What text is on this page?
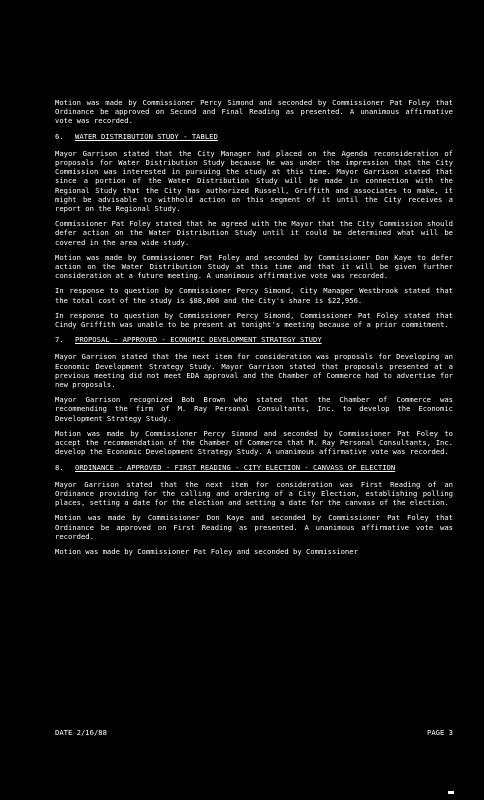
Motion was made by Commissioner Percy Simond and seconded by Commissioner Pat Foley that Ordinance be approved on Second and Final Reading as presented. A unanimous affirmative vote was recorded.

6. WATER DISTRIBUTION STUDY - TABLED

Mayor Garrison stated that the City Manager had placed on the Agenda reconsideration of proposals for Water Distribution Study because he was under the impression that the City Commission was interested in pursuing the study at this time. Mayor Garrison stated that since a portion of the Water Distribution Study will be made in connection with the Regional Study that the City has authorized Russell, Griffith and associates to make, it might be advisable to withhold action on this segment of it until the City receives a report on the Regional Study.

Commissioner Pat Foley stated that he agreed with the Mayor that the City Commission should defer action on the Water Distribution Study until it could be determined what will be covered in the area wide study.

Motion was made by Commissioner Pat Foley and seconded by Commissioner Don Kaye to defer action on the Water Distribution Study at this time and that it will be given further consideration at a future meeting. A unanimous affirmative vote was recorded.

In response to question by Commissioner Percy Simond, City Manager Westbrook stated that the total cost of the study is $88,000 and the City's share is $22,956.

In response to question by Commissioner Percy Simond, Commissioner Pat Foley stated that Cindy Griffith was unable to be present at tonight's meeting because of a prior commitment.

7. PROPOSAL - APPROVED - ECONOMIC DEVELOPMENT STRATEGY STUDY

Mayor Garrison stated that the next item for consideration was proposals for Developing an Economic Development Strategy Study. Mayor Garrison stated that proposals presented at a previous meeting did not meet EDA approval and the Chamber of Commerce had to advertise for new proposals.

Mayor Garrison recognized Bob Brown who stated that the Chamber of Commerce was recommending the firm of M. Ray Personal Consultants, Inc. to develop the Economic Development Strategy Study.

Motion was made by Commissioner Percy Simond and seconded by Commissioner Pat Foley to accept the recommendation of the Chamber of Commerce that M. Ray Personal Consultants, Inc. develop the Economic Development Strategy Study. A unanimous affirmative vote was recorded.

8. ORDINANCE - APPROVED - FIRST READING - CITY ELECTION - CANVASS OF ELECTION

Mayor Garrison stated that the next item for consideration was First Reading of an Ordinance providing for the calling and ordering of a City Election, establishing polling places, setting a date for the election and setting a date for the canvass of the election.

Motion was made by Commissioner Don Kaye and seconded by Commissioner Pat Foley that Ordinance be approved on First Reading as presented. A unanimous affirmative vote was recorded.

Motion was made by Commissioner Pat Foley and seconded by Commissioner

DATE 2/16/88	PAGE 3
